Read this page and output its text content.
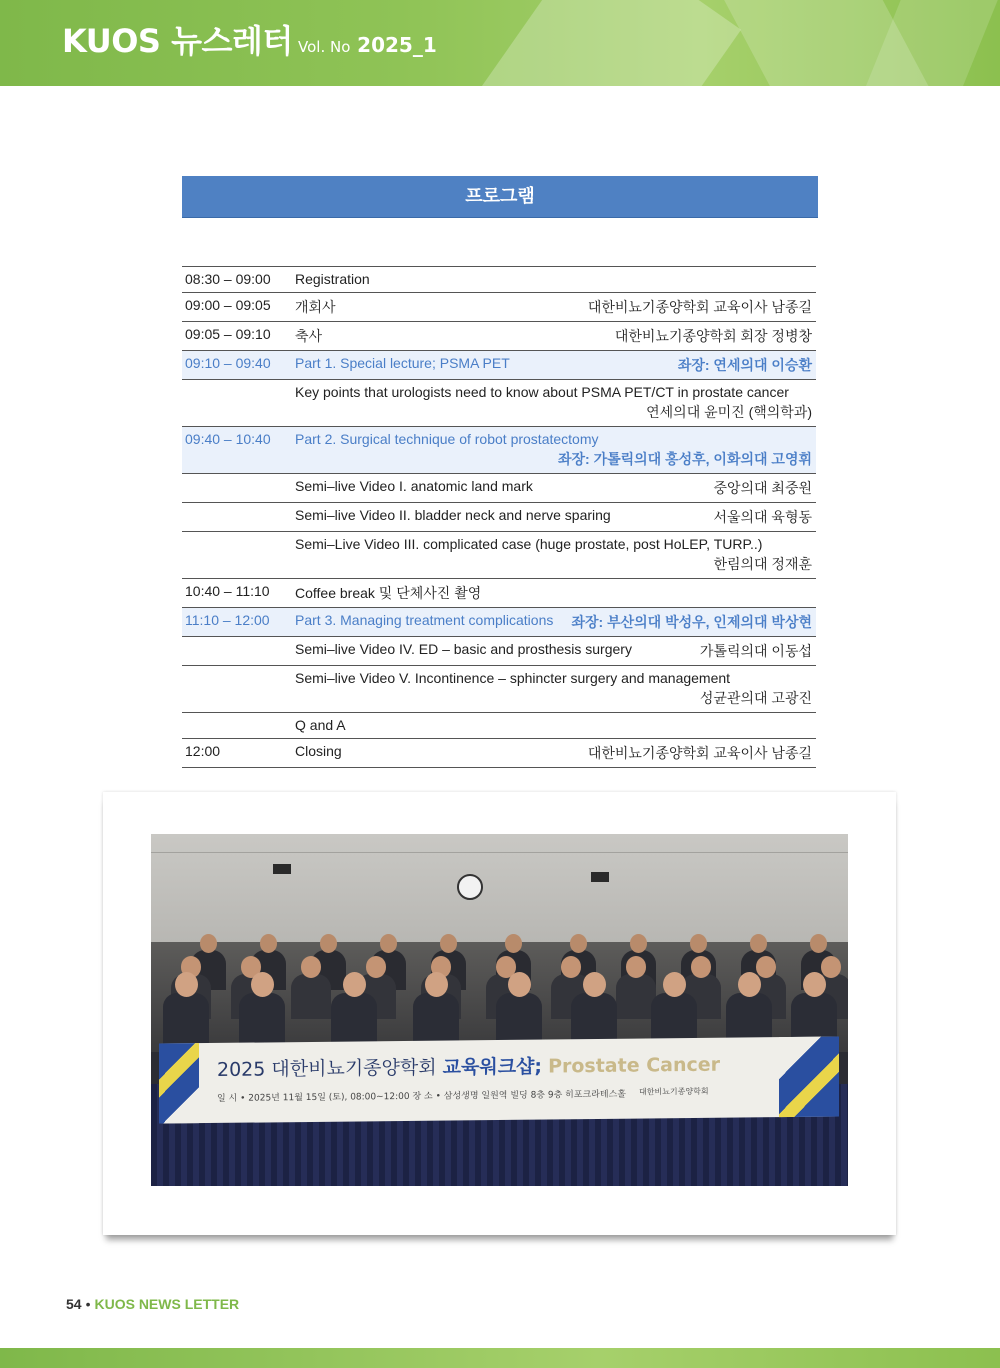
KUOS 뉴스레터 Vol. No 2025_1
프로그램
08:30 – 09:00 Registration
09:00 – 09:05 개회사	대한비뇨기종양학회 교육이사 남종길
09:05 – 09:10 축사	대한비뇨기종양학회 회장 정병창
09:10 – 09:40 Part 1. Special lecture; PSMA PET	좌장: 연세의대 이승환
Key points that urologists need to know about PSMA PET/CT in prostate cancer
연세의대 윤미진 (핵의학과)
09:40 – 10:40 Part 2. Surgical technique of robot prostatectomy
좌장: 가톨릭의대 홍성후, 이화의대 고영휘
Semi–live Video I. anatomic land mark	중앙의대 최중원
Semi–live Video II. bladder neck and nerve sparing	서울의대 육형동
Semi–Live Video III. complicated case (huge prostate, post HoLEP, TURP..)
한림의대 정재훈
10:40 – 11:10 Coffee break 및 단체사진 촬영
11:10 – 12:00 Part 3. Managing treatment complications 좌장: 부산의대 박성우, 인제의대 박상현
Semi–live Video IV. ED – basic and prosthesis surgery	가톨릭의대 이동섭
Semi–live Video V. Incontinence – sphincter surgery and management
성균관의대 고광진
Q and A
12:00	Closing	대한비뇨기종양학회 교육이사 남종길
2025 대한비뇨기종양학회 교육워크샵; Prostate Cancer
일 시 • 2025년 11월 15일 (토), 08:00~12:00 장 소 • 삼성생명 일원역 빌딩 8층 9층 히포크라테스홀 대한비뇨기종양학회
54 • KUOS NEWS LETTER
